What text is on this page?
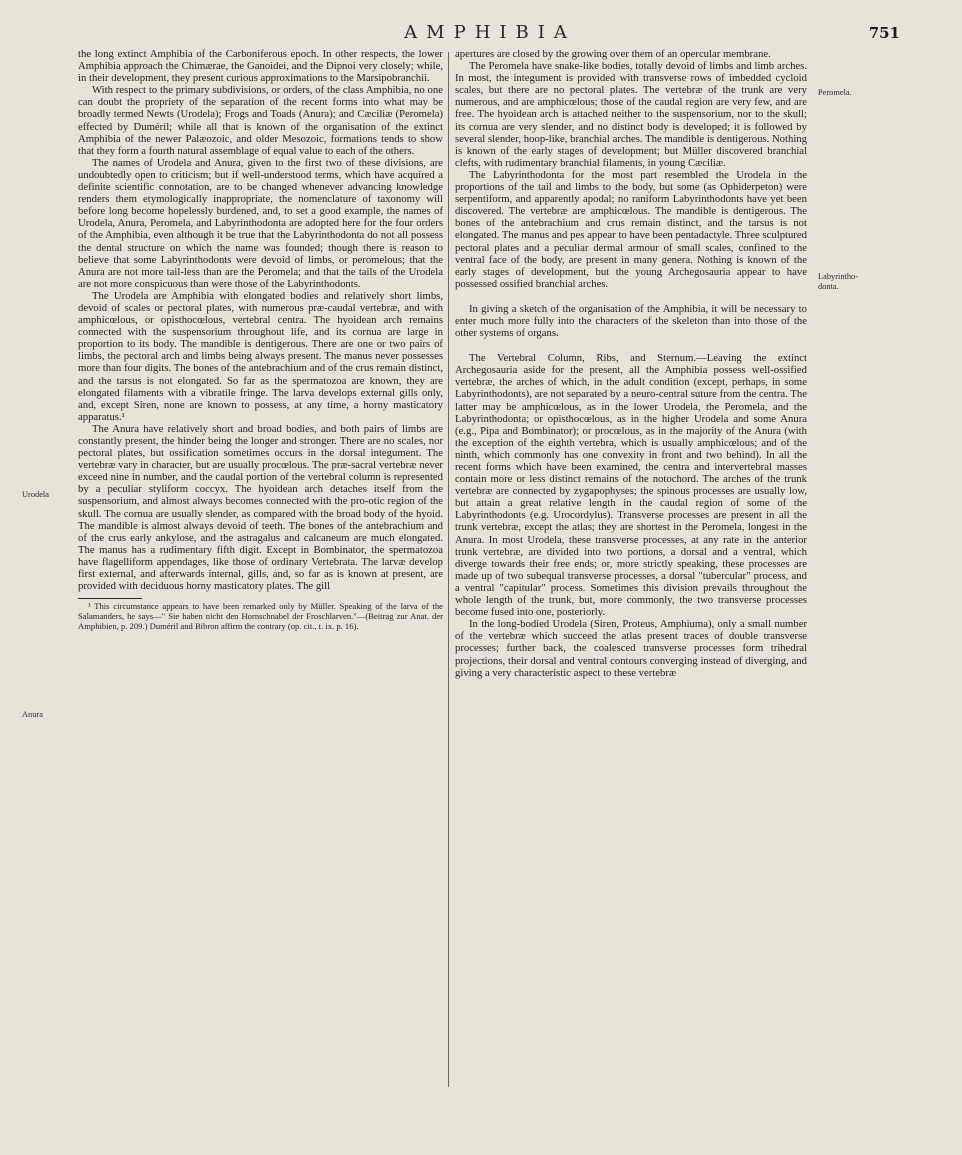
AMPHIBIA	751

the long extinct Amphibia of the Carboniferous epoch. In other respects, the lower Amphibia approach the Chimærae, the Ganoidei, and the Dipnoi very closely; while, in their development, they present curious approximations to the Marsipobranchii.

With respect to the primary subdivisions, or orders, of the class Amphibia, no one can doubt the propriety of the separation of the recent forms into what may be broadly termed Newts (Urodela); Frogs and Toads (Anura); and Cæciliæ (Peromela) effected by Duméril; while all that is known of the organisation of the extinct Amphibia of the newer Palæozoic, and older Mesozoic, formations tends to show that they form a fourth natural assemblage of equal value to each of the others.

The names of Urodela and Anura, given to the first two of these divisions, are undoubtedly open to criticism; but if well-understood terms, which have acquired a definite scientific connotation, are to be changed whenever advancing knowledge renders them etymologically inappropriate, the nomenclature of taxonomy will before long become hopelessly burdened, and, to set a good example, the names of Urodela, Anura, Peromela, and Labyrinthodonta are adopted here for the four orders of the Amphibia, even although it be true that the Labyrinthodonta do not all possess the dental structure on which the name was founded; though there is reason to believe that some Labyrinthodonts were devoid of limbs, or peromelous; that the Anura are not more tail-less than are the Peromela; and that the tails of the Urodela are not more conspicuous than were those of the Labyrinthodonts.

The Urodela are Amphibia with elongated bodies and relatively short limbs, devoid of scales or pectoral plates, with numerous præ-caudal vertebræ, and with amphicœlous, or opisthocœlous, vertebral centra. The hyoidean arch remains connected with the suspensorium throughout life, and its cornua are large in proportion to its body. The mandible is dentigerous. There are one or two pairs of limbs, the pectoral arch and limbs being always present. The manus never possesses more than four digits. The bones of the antebrachium and of the crus remain distinct, and the tarsus is not elongated. So far as the spermatozoa are known, they are elongated filaments with a vibratile fringe. The larva develops external gills only, and, except Siren, none are known to possess, at any time, a horny masticatory apparatus.¹

The Anura have relatively short and broad bodies, and both pairs of limbs are constantly present, the hinder being the longer and stronger. There are no scales, nor pectoral plates, but ossification sometimes occurs in the dorsal integument. The vertebræ vary in character, but are usually procœlous. The præ-sacral vertebræ never exceed nine in number, and the caudal portion of the vertebral column is represented by a peculiar styliform coccyx. The hyoidean arch detaches itself from the suspensorium, and almost always becomes connected with the pro-otic region of the skull. The cornua are usually slender, as compared with the broad body of the hyoid. The mandible is almost always devoid of teeth. The bones of the antebrachium and of the crus early ankylose, and the astragalus and calcaneum are much elongated. The manus has a rudimentary fifth digit. Except in Bombinator, the spermatozoa have flagelliform appendages, like those of ordinary Vertebrata. The larvæ develop first external, and afterwards internal, gills, and, so far as is known at present, are provided with deciduous horny masticatory plates. The gill

¹ This circumstance appears to have been remarked only by Müller. Speaking of the larva of the Salamanders, he says—" Sie haben nicht den Hornschnabel der Froschlarven."—(Beitrag zur Anat. der Amphibien, p. 209.) Duméril and Bibron affirm the contrary (op. cit., t. ix. p. 16).

apertures are closed by the growing over them of an opercular membrane.

The Peromela have snake-like bodies, totally devoid of limbs and limb arches. In most, the integument is provided with transverse rows of imbedded cycloid scales, but there are no pectoral plates. The vertebræ of the trunk are very numerous, and are amphicœlous; those of the caudal region are very few, and are free. The hyoidean arch is attached neither to the suspensorium, nor to the skull; its cornua are very slender, and no distinct body is developed; it is followed by several slender, hoop-like, branchial arches. The mandible is dentigerous. Nothing is known of the early stages of development; but Müller discovered branchial clefts, with rudimentary branchial filaments, in young Cæciliæ.

The Labyrinthodonta for the most part resembled the Urodela in the proportions of the tail and limbs to the body, but some (as Ophiderpeton) were serpentiform, and apparently apodal; no raniform Labyrinthodonts have yet been discovered. The vertebræ are amphicœlous. The mandible is dentigerous. The bones of the antebrachium and crus remain distinct, and the tarsus is not elongated. The manus and pes appear to have been pentadactyle. Three sculptured pectoral plates and a peculiar dermal armour of small scales, confined to the ventral face of the body, are present in many genera. Nothing is known of the early stages of development, but the young Archegosauria appear to have possessed ossified branchial arches.

In giving a sketch of the organisation of the Amphibia, it will be necessary to enter much more fully into the characters of the skeleton than into those of the other systems of organs.

The Vertebral Column, Ribs, and Sternum.—Leaving the extinct Archegosauria aside for the present, all the Amphibia possess well-ossified vertebræ, the arches of which, in the adult condition (except, perhaps, in some Labyrinthodonts), are not separated by a neuro-central suture from the centra. The latter may be amphicœlous, as in the lower Urodela, the Peromela, and the Labyrinthodonta; or opisthocœlous, as in the higher Urodela and some Anura (e.g., Pipa and Bombinator); or procœlous, as in the majority of the Anura (with the exception of the eighth vertebra, which is usually amphicœlous; and of the ninth, which commonly has one convexity in front and two behind). In all the recent forms which have been examined, the centra and intervertebral masses contain more or less distinct remains of the notochord. The arches of the trunk vertebræ are connected by zygapophyses; the spinous processes are usually low, but attain a great relative length in the caudal region of some of the Labyrinthodonts (e.g. Urocordylus). Transverse processes are present in all the trunk vertebræ, except the atlas; they are shortest in the Peromela, longest in the Anura. In most Urodela, these transverse processes, at any rate in the anterior trunk vertebræ, are divided into two portions, a dorsal and a ventral, which diverge towards their free ends; or, more strictly speaking, these processes are made up of two subequal transverse processes, a dorsal "tubercular" process, and a ventral "capitular" process. Sometimes this division prevails throughout the whole length of the trunk, but, more commonly, the two transverse processes become fused into one, posteriorly.

In the long-bodied Urodela (Siren, Proteus, Amphiuma), only a small number of the vertebræ which succeed the atlas present traces of double transverse processes; further back, the coalesced transverse processes form trihedral projections, their dorsal and ventral contours converging instead of diverging, and giving a very characteristic aspect to these vertebræ

Urodela
Anura
Peromela.
Labyrintho-
donta.
